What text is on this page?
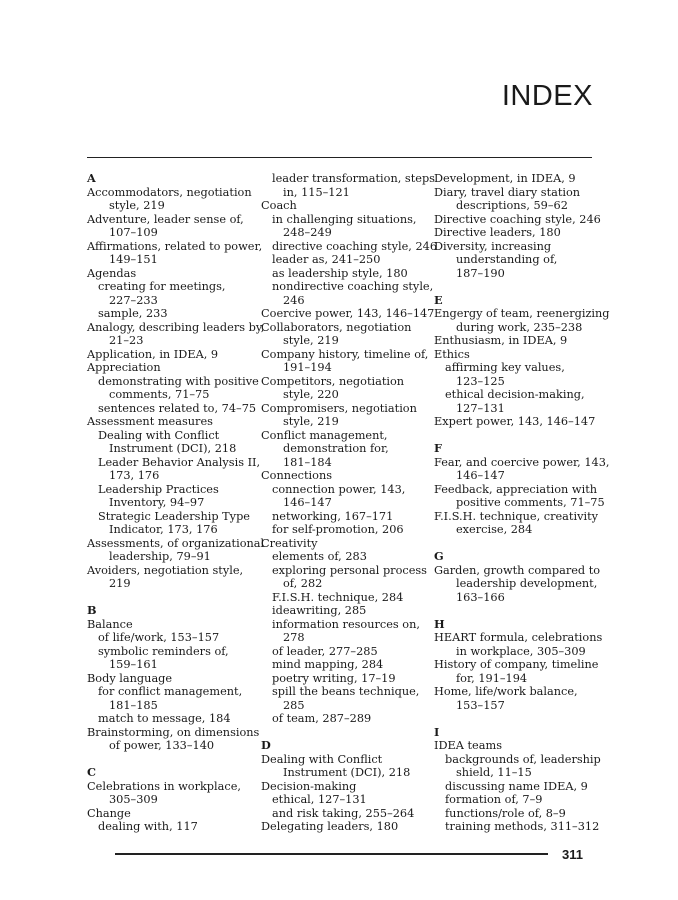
INDEX
A
Accommodators, negotiation
style, 219
Adventure, leader sense of,
107–109
Affirmations, related to power,
149–151
Agendas
creating for meetings,
227–233
sample, 233
Analogy, describing leaders by,
21–23
Application, in IDEA, 9
Appreciation
demonstrating with positive
comments, 71–75
sentences related to, 74–75
Assessment measures
Dealing with Conflict
Instrument (DCI), 218
Leader Behavior Analysis II,
173, 176
Leadership Practices
Inventory, 94–97
Strategic Leadership Type
Indicator, 173, 176
Assessments, of organizational
leadership, 79–91
Avoiders, negotiation style,
219
B
Balance
of life/work, 153–157
symbolic reminders of,
159–161
Body language
for conflict management,
181–185
match to message, 184
Brainstorming, on dimensions
of power, 133–140
C
Celebrations in workplace,
305–309
Change
dealing with, 117
leader transformation, steps
in, 115–121
Coach
in challenging situations,
248–249
directive coaching style, 246
leader as, 241–250
as leadership style, 180
nondirective coaching style,
246
Coercive power, 143, 146–147
Collaborators, negotiation
style, 219
Company history, timeline of,
191–194
Competitors, negotiation
style, 220
Compromisers, negotiation
style, 219
Conflict management,
demonstration for,
181–184
Connections
connection power, 143,
146–147
networking, 167–171
for self-promotion, 206
Creativity
elements of, 283
exploring personal process
of, 282
F.I.S.H. technique, 284
ideawriting, 285
information resources on,
278
of leader, 277–285
mind mapping, 284
poetry writing, 17–19
spill the beans technique,
285
of team, 287–289
D
Dealing with Conflict
Instrument (DCI), 218
Decision-making
ethical, 127–131
and risk taking, 255–264
Delegating leaders, 180
Development, in IDEA, 9
Diary, travel diary station
descriptions, 59–62
Directive coaching style, 246
Directive leaders, 180
Diversity, increasing
understanding of,
187–190
E
Engergy of team, reenergizing
during work, 235–238
Enthusiasm, in IDEA, 9
Ethics
affirming key values,
123–125
ethical decision-making,
127–131
Expert power, 143, 146–147
F
Fear, and coercive power, 143,
146–147
Feedback, appreciation with
positive comments, 71–75
F.I.S.H. technique, creativity
exercise, 284
G
Garden, growth compared to
leadership development,
163–166
H
HEART formula, celebrations
in workplace, 305–309
History of company, timeline
for, 191–194
Home, life/work balance,
153–157
I
IDEA teams
backgrounds of, leadership
shield, 11–15
discussing name IDEA, 9
formation of, 7–9
functions/role of, 8–9
training methods, 311–312
311
